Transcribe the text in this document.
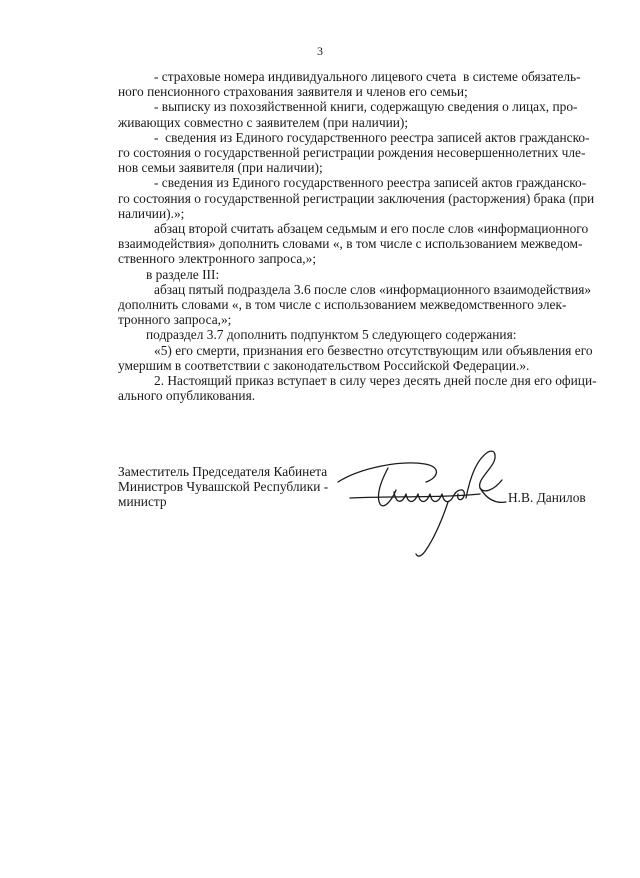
3
- страховые номера индивидуального лицевого счета  в системе обязатель-
ного пенсионного страхования заявителя и членов его семьи;
- выписку из похозяйственной книги, содержащую сведения о лицах, про-
живающих совместно с заявителем (при наличии);
-  сведения из Единого государственного реестра записей актов гражданско-
го состояния о государственной регистрации рождения несовершеннолетних чле-
нов семьи заявителя (при наличии);
- сведения из Единого государственного реестра записей актов гражданско-
го состояния о государственной регистрации заключения (расторжения) брака (при
наличии).»;
абзац второй считать абзацем седьмым и его после слов «информационного
взаимодействия» дополнить словами «, в том числе с использованием межведом-
ственного электронного запроса,»;
в разделе III:
абзац пятый подраздела 3.6 после слов «информационного взаимодействия»
дополнить словами «, в том числе с использованием межведомственного элек-
тронного запроса,»;
подраздел 3.7 дополнить подпунктом 5 следующего содержания:
«5) его смерти, признания его безвестно отсутствующим или объявления его
умершим в соответствии с законодательством Российской Федерации.».
2. Настоящий приказ вступает в силу через десять дней после дня его офици-
ального опубликования.
Заместитель Председателя Кабинета
Министров Чувашской Республики -
министр	Н.В. Данилов
